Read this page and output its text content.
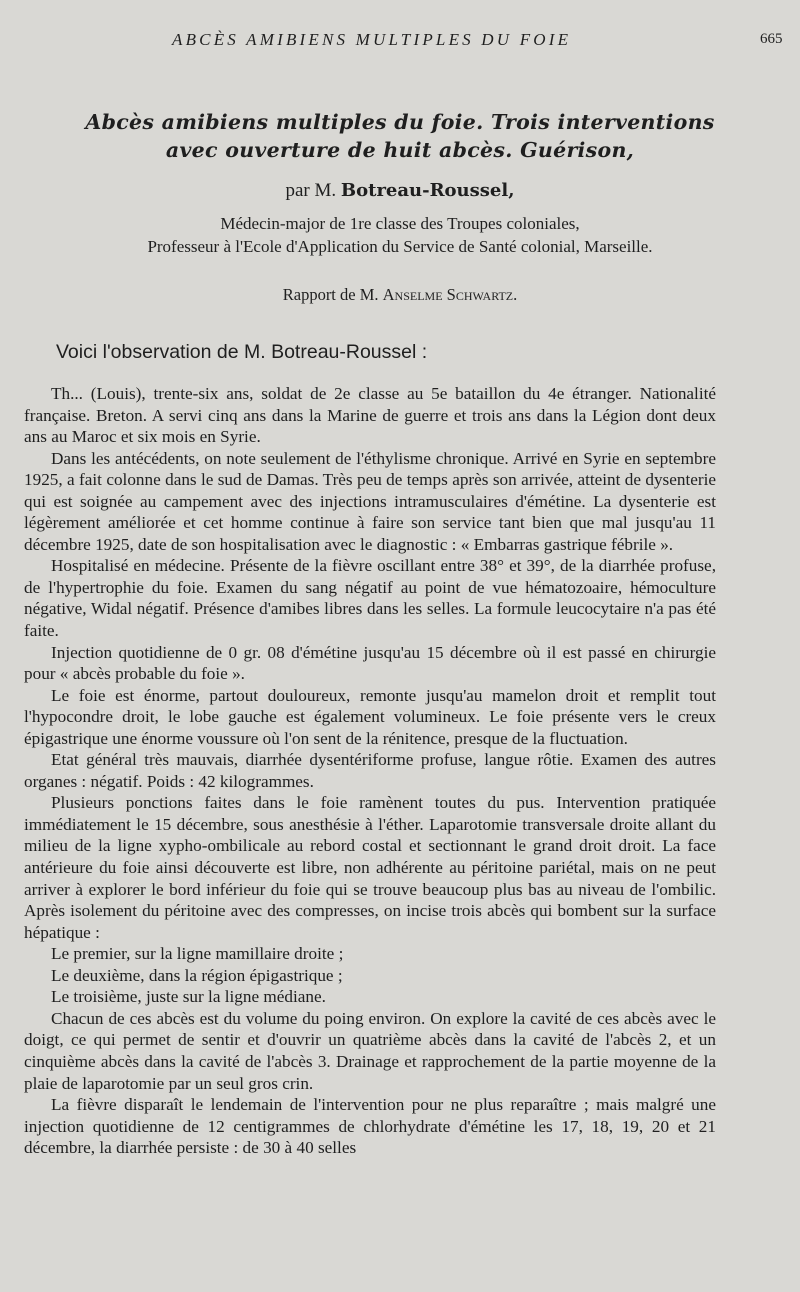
ABCÈS AMIBIENS MULTIPLES DU FOIE	665
Abcès amibiens multiples du foie. Trois interventions
avec ouverture de huit abcès. Guérison,
par M. Botreau-Roussel,
Médecin-major de 1re classe des Troupes coloniales,
Professeur à l'Ecole d'Application du Service de Santé colonial, Marseille.
Rapport de M. Anselme Schwartz.
Voici l'observation de M. Botreau-Roussel :

Th... (Louis), trente-six ans, soldat de 2e classe au 5e bataillon du 4e étranger. Nationalité française. Breton. A servi cinq ans dans la Marine de guerre et trois ans dans la Légion dont deux ans au Maroc et six mois en Syrie.

Dans les antécédents, on note seulement de l'éthylisme chronique. Arrivé en Syrie en septembre 1925, a fait colonne dans le sud de Damas. Très peu de temps après son arrivée, atteint de dysenterie qui est soignée au campement avec des injections intramusculaires d'émétine. La dysenterie est légèrement améliorée et cet homme continue à faire son service tant bien que mal jusqu'au 11 décembre 1925, date de son hospitalisation avec le diagnostic : « Embarras gastrique fébrile ».

Hospitalisé en médecine. Présente de la fièvre oscillant entre 38° et 39°, de la diarrhée profuse, de l'hypertrophie du foie. Examen du sang négatif au point de vue hématozoaire, hémoculture négative, Widal négatif. Présence d'amibes libres dans les selles. La formule leucocytaire n'a pas été faite.

Injection quotidienne de 0 gr. 08 d'émétine jusqu'au 15 décembre où il est passé en chirurgie pour « abcès probable du foie ».

Le foie est énorme, partout douloureux, remonte jusqu'au mamelon droit et remplit tout l'hypocondre droit, le lobe gauche est également volumineux. Le foie présente vers le creux épigastrique une énorme voussure où l'on sent de la rénitence, presque de la fluctuation.

Etat général très mauvais, diarrhée dysentériforme profuse, langue rôtie. Examen des autres organes : négatif. Poids : 42 kilogrammes.

Plusieurs ponctions faites dans le foie ramènent toutes du pus. Intervention pratiquée immédiatement le 15 décembre, sous anesthésie à l'éther. Laparotomie transversale droite allant du milieu de la ligne xypho-ombilicale au rebord costal et sectionnant le grand droit droit. La face antérieure du foie ainsi découverte est libre, non adhérente au péritoine pariétal, mais on ne peut arriver à explorer le bord inférieur du foie qui se trouve beaucoup plus bas au niveau de l'ombilic. Après isolement du péritoine avec des compresses, on incise trois abcès qui bombent sur la surface hépatique :

Le premier, sur la ligne mamillaire droite ;

Le deuxième, dans la région épigastrique ;

Le troisième, juste sur la ligne médiane.

Chacun de ces abcès est du volume du poing environ. On explore la cavité de ces abcès avec le doigt, ce qui permet de sentir et d'ouvrir un quatrième abcès dans la cavité de l'abcès 2, et un cinquième abcès dans la cavité de l'abcès 3. Drainage et rapprochement de la partie moyenne de la plaie de laparotomie par un seul gros crin.

La fièvre disparaît le lendemain de l'intervention pour ne plus reparaître ; mais malgré une injection quotidienne de 12 centigrammes de chlorhydrate d'émétine les 17, 18, 19, 20 et 21 décembre, la diarrhée persiste : de 30 à 40 selles
